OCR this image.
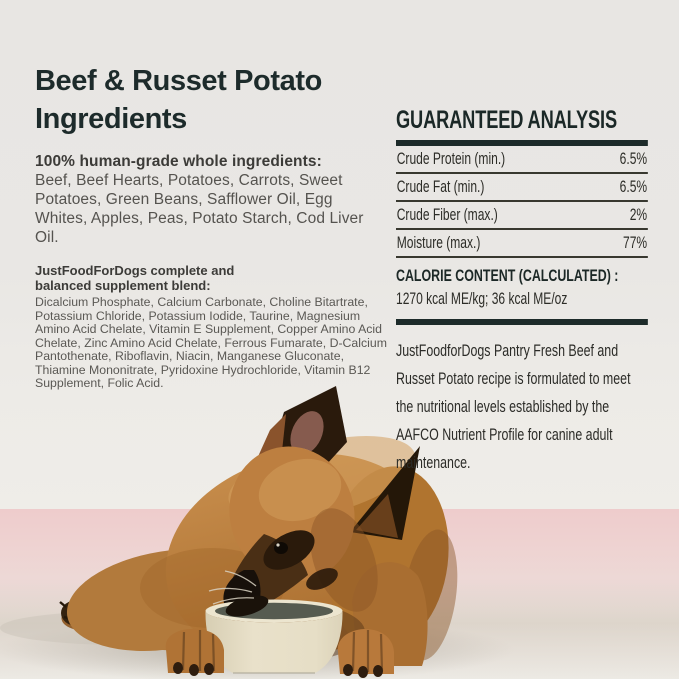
Beef & Russet Potato
Ingredients

100% human-grade whole ingredients:

Beef, Beef Hearts, Potatoes, Carrots, Sweet Potatoes, Green Beans, Safflower Oil, Egg Whites, Apples, Peas, Potato Starch, Cod Liver Oil.

JustFoodForDogs complete and
balanced supplement blend:

Dicalcium Phosphate, Calcium Carbonate, Choline Bitartrate, Potassium Chloride, Potassium Iodide, Taurine, Magnesium Amino Acid Chelate, Vitamin E Supplement, Copper Amino Acid Chelate, Zinc Amino Acid Chelate, Ferrous Fumarate, D-Calcium Pantothenate, Riboflavin, Niacin, Manganese Gluconate, Thiamine Mononitrate, Pyridoxine Hydrochloride, Vitamin B12 Supplement, Folic Acid.

GUARANTEED ANALYSIS
Crude Protein (min.)	6.5%
Crude Fat (min.)	6.5%
Crude Fiber (max.)	2%
Moisture (max.)	77%
CALORIE CONTENT (CALCULATED) :

1270 kcal ME/kg; 36 kcal ME/oz

JustFoodforDogs Pantry Fresh Beef and Russet Potato recipe is formulated to meet the nutritional levels established by the AAFCO Nutrient Profile for canine adult maintenance.
